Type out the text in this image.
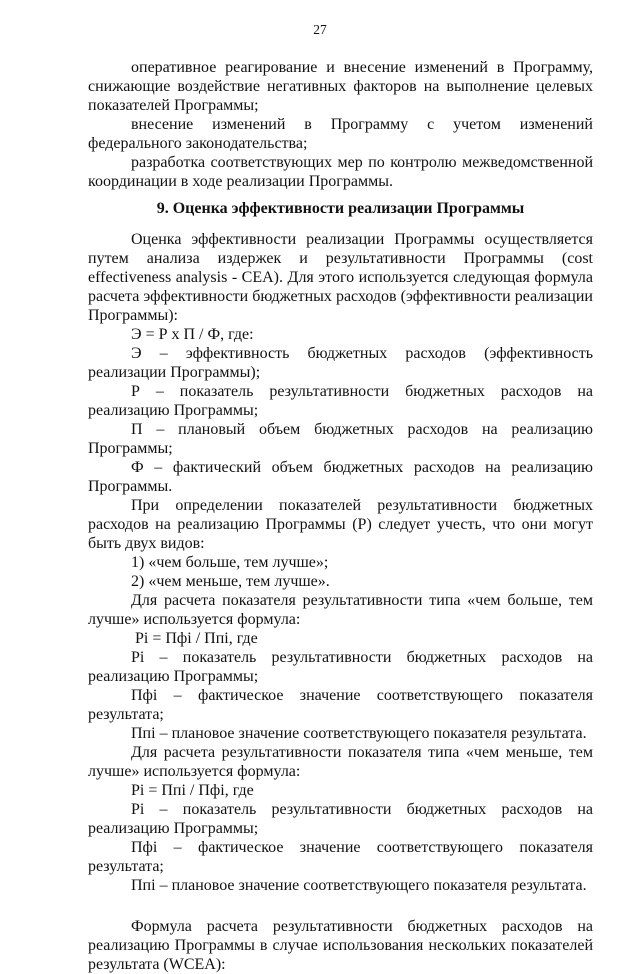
27

оперативное реагирование и внесение изменений в Программу, снижающие воздействие негативных факторов на выполнение целевых показателей Программы;

внесение изменений в Программу с учетом изменений федерального законодательства;

разработка соответствующих мер по контролю межведомственной координации в ходе реализации Программы.

9. Оценка эффективности реализации Программы

Оценка эффективности реализации Программы осуществляется путем анализа издержек и результативности Программы (cost effectiveness analysis - CEA). Для этого используется следующая формула расчета эффективности бюджетных расходов (эффективности реализации Программы):

Э = Р х П / Ф, где:

Э – эффективность бюджетных расходов (эффективность реализации Программы);

Р – показатель результативности бюджетных расходов на реализацию Программы;

П – плановый объем бюджетных расходов на реализацию Программы;

Ф – фактический объем бюджетных расходов на реализацию Программы.

При определении показателей результативности бюджетных расходов на реализацию Программы (Р) следует учесть, что они могут быть двух видов:

1) «чем больше, тем лучше»;

2) «чем меньше, тем лучше».

Для расчета показателя результативности типа «чем больше, тем лучше» используется формула:

Pi = Пфi / Ппi, где

Pi – показатель результативности бюджетных расходов на реализацию Программы;

Пфi – фактическое значение соответствующего показателя результата;

Ппi – плановое значение соответствующего показателя результата.

Для расчета результативности показателя типа «чем меньше, тем лучше» используется формула:

Pi = Ппi / Пфi, где

Pi – показатель результативности бюджетных расходов на реализацию Программы;

Пфi – фактическое значение соответствующего показателя результата;

Ппi – плановое значение соответствующего показателя результата.

Формула расчета результативности бюджетных расходов на реализацию Программы в случае использования нескольких показателей результата (WCEA):
